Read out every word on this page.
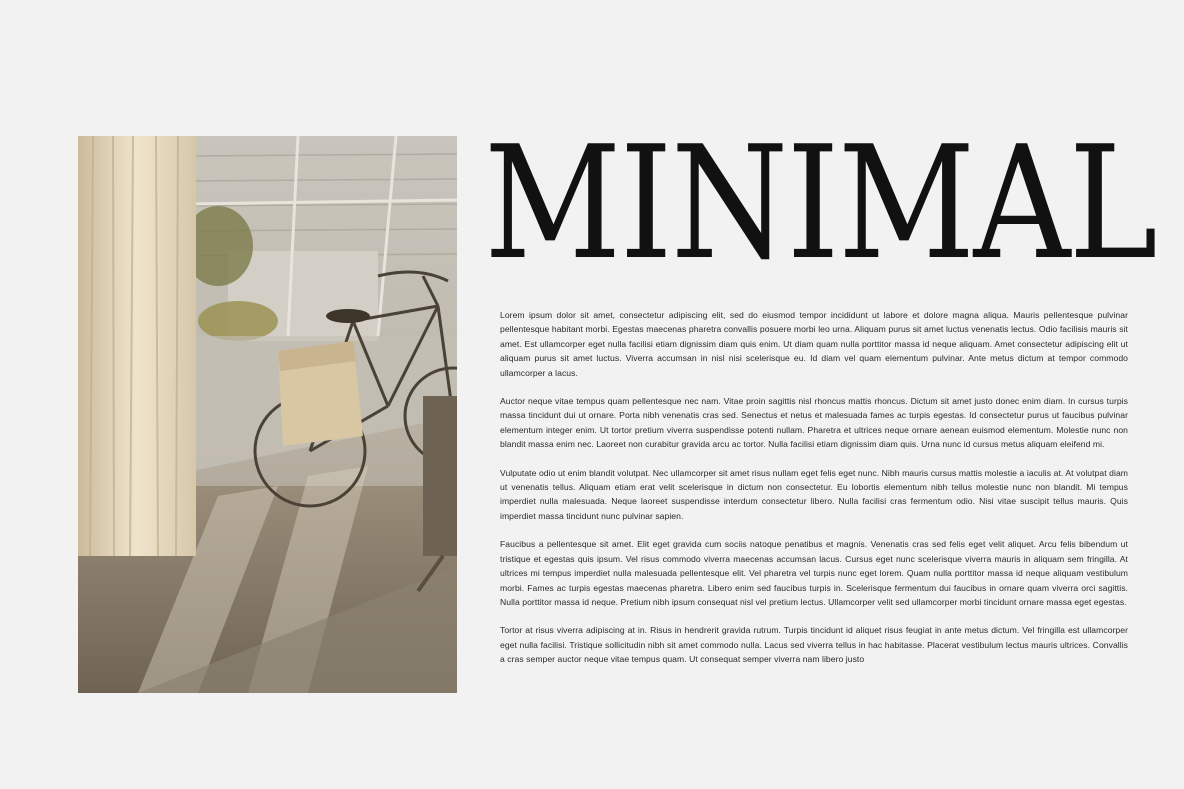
MINIMAL

Lorem ipsum dolor sit amet, consectetur adipiscing elit, sed do eiusmod tempor incididunt ut labore et dolore magna aliqua. Mauris pellentesque pulvinar pellentesque habitant morbi. Egestas maecenas pharetra convallis posuere morbi leo urna. Aliquam purus sit amet luctus venenatis lectus. Odio facilisis mauris sit amet. Est ullamcorper eget nulla facilisi etiam dignissim diam quis enim. Ut diam quam nulla porttitor massa id neque aliquam. Amet consectetur adipiscing elit ut aliquam purus sit amet luctus. Viverra accumsan in nisl nisi scelerisque eu. Id diam vel quam elementum pulvinar. Ante metus dictum at tempor commodo ullamcorper a lacus.

Auctor neque vitae tempus quam pellentesque nec nam. Vitae proin sagittis nisl rhoncus mattis rhoncus. Dictum sit amet justo donec enim diam. In cursus turpis massa tincidunt dui ut ornare. Porta nibh venenatis cras sed. Senectus et netus et malesuada fames ac turpis egestas. Id consectetur purus ut faucibus pulvinar elementum integer enim. Ut tortor pretium viverra suspendisse potenti nullam. Pharetra et ultrices neque ornare aenean euismod elementum. Molestie nunc non blandit massa enim nec. Laoreet non curabitur gravida arcu ac tortor. Nulla facilisi etiam dignissim diam quis. Urna nunc id cursus metus aliquam eleifend mi.

Vulputate odio ut enim blandit volutpat. Nec ullamcorper sit amet risus nullam eget felis eget nunc. Nibh mauris cursus mattis molestie a iaculis at. At volutpat diam ut venenatis tellus. Aliquam etiam erat velit scelerisque in dictum non consectetur. Eu lobortis elementum nibh tellus molestie nunc non blandit. Mi tempus imperdiet nulla malesuada. Neque laoreet suspendisse interdum consectetur libero. Nulla facilisi cras fermentum odio. Nisi vitae suscipit tellus mauris. Quis imperdiet massa tincidunt nunc pulvinar sapien.

Faucibus a pellentesque sit amet. Elit eget gravida cum sociis natoque penatibus et magnis. Venenatis cras sed felis eget velit aliquet. Arcu felis bibendum ut tristique et egestas quis ipsum. Vel risus commodo viverra maecenas accumsan lacus. Cursus eget nunc scelerisque viverra mauris in aliquam sem fringilla. At ultrices mi tempus imperdiet nulla malesuada pellentesque elit. Vel pharetra vel turpis nunc eget lorem. Quam nulla porttitor massa id neque aliquam vestibulum morbi. Fames ac turpis egestas maecenas pharetra. Libero enim sed faucibus turpis in. Scelerisque fermentum dui faucibus in ornare quam viverra orci sagittis. Nulla porttitor massa id neque. Pretium nibh ipsum consequat nisl vel pretium lectus. Ullamcorper velit sed ullamcorper morbi tincidunt ornare massa eget egestas.

Tortor at risus viverra adipiscing at in. Risus in hendrerit gravida rutrum. Turpis tincidunt id aliquet risus feugiat in ante metus dictum. Vel fringilla est ullamcorper eget nulla facilisi. Tristique sollicitudin nibh sit amet commodo nulla. Lacus sed viverra tellus in hac habitasse. Placerat vestibulum lectus mauris ultrices. Convallis a cras semper auctor neque vitae tempus quam. Ut consequat semper viverra nam libero justo
